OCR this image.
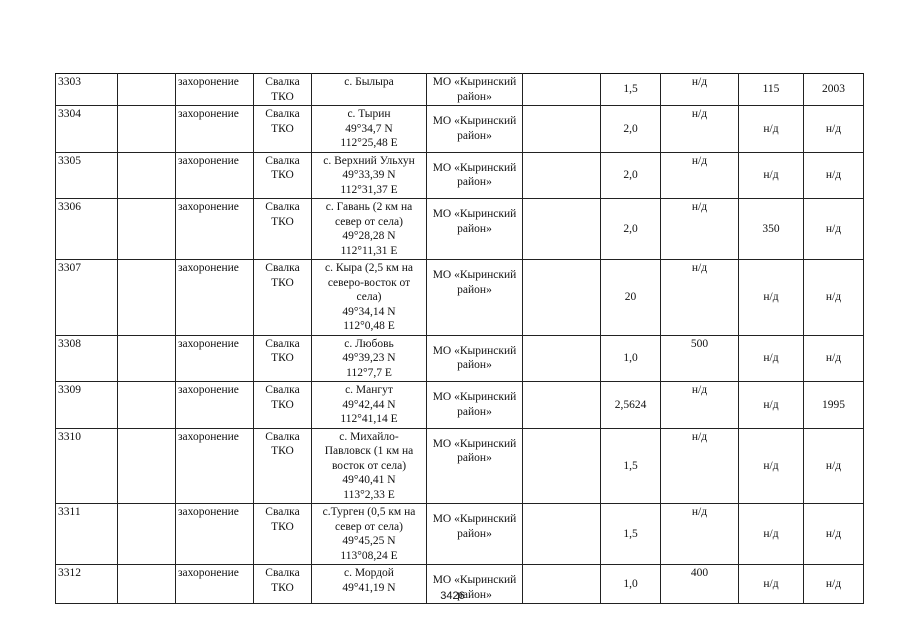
3303		захоронение	Свалка
ТКО	с. Былыра	МО «Кыринский
район»		1,5	н/д	115	2003
3304		захоронение	Свалка
ТКО	с. Тырин
49°34,7 N
112°25,48 E	МО «Кыринский
район»		2,0	н/д	н/д	н/д
3305		захоронение	Свалка
ТКО	с. Верхний Ульхун
49°33,39 N
112°31,37 E	МО «Кыринский
район»		2,0	н/д	н/д	н/д
3306		захоронение	Свалка
ТКО	с. Гавань (2 км на
север от села)
49°28,28 N
112°11,31 E	МО «Кыринский
район»		2,0	н/д	350	н/д
3307		захоронение	Свалка
ТКО	с. Кыра (2,5 км на
северо-восток от
села)
49°34,14 N
112°0,48 E	МО «Кыринский
район»		20	н/д	н/д	н/д
3308		захоронение	Свалка
ТКО	с. Любовь
49°39,23 N
112°7,7 E	МО «Кыринский
район»		1,0	500	н/д	н/д
3309		захоронение	Свалка
ТКО	с. Мангут
49°42,44 N
112°41,14 E	МО «Кыринский
район»		2,5624	н/д	н/д	1995
3310		захоронение	Свалка
ТКО	с. Михайло-
Павловск (1 км на
восток от села)
49°40,41 N
113°2,33 E	МО «Кыринский
район»		1,5	н/д	н/д	н/д
3311		захоронение	Свалка
ТКО	с.Турген (0,5 км на
север от села)
49°45,25 N
113°08,24 E	МО «Кыринский
район»		1,5	н/д	н/д	н/д
3312		захоронение	Свалка
ТКО	с. Мордой
49°41,19 N	МО «Кыринский
район»		1,0	400	н/д	н/д
3426
